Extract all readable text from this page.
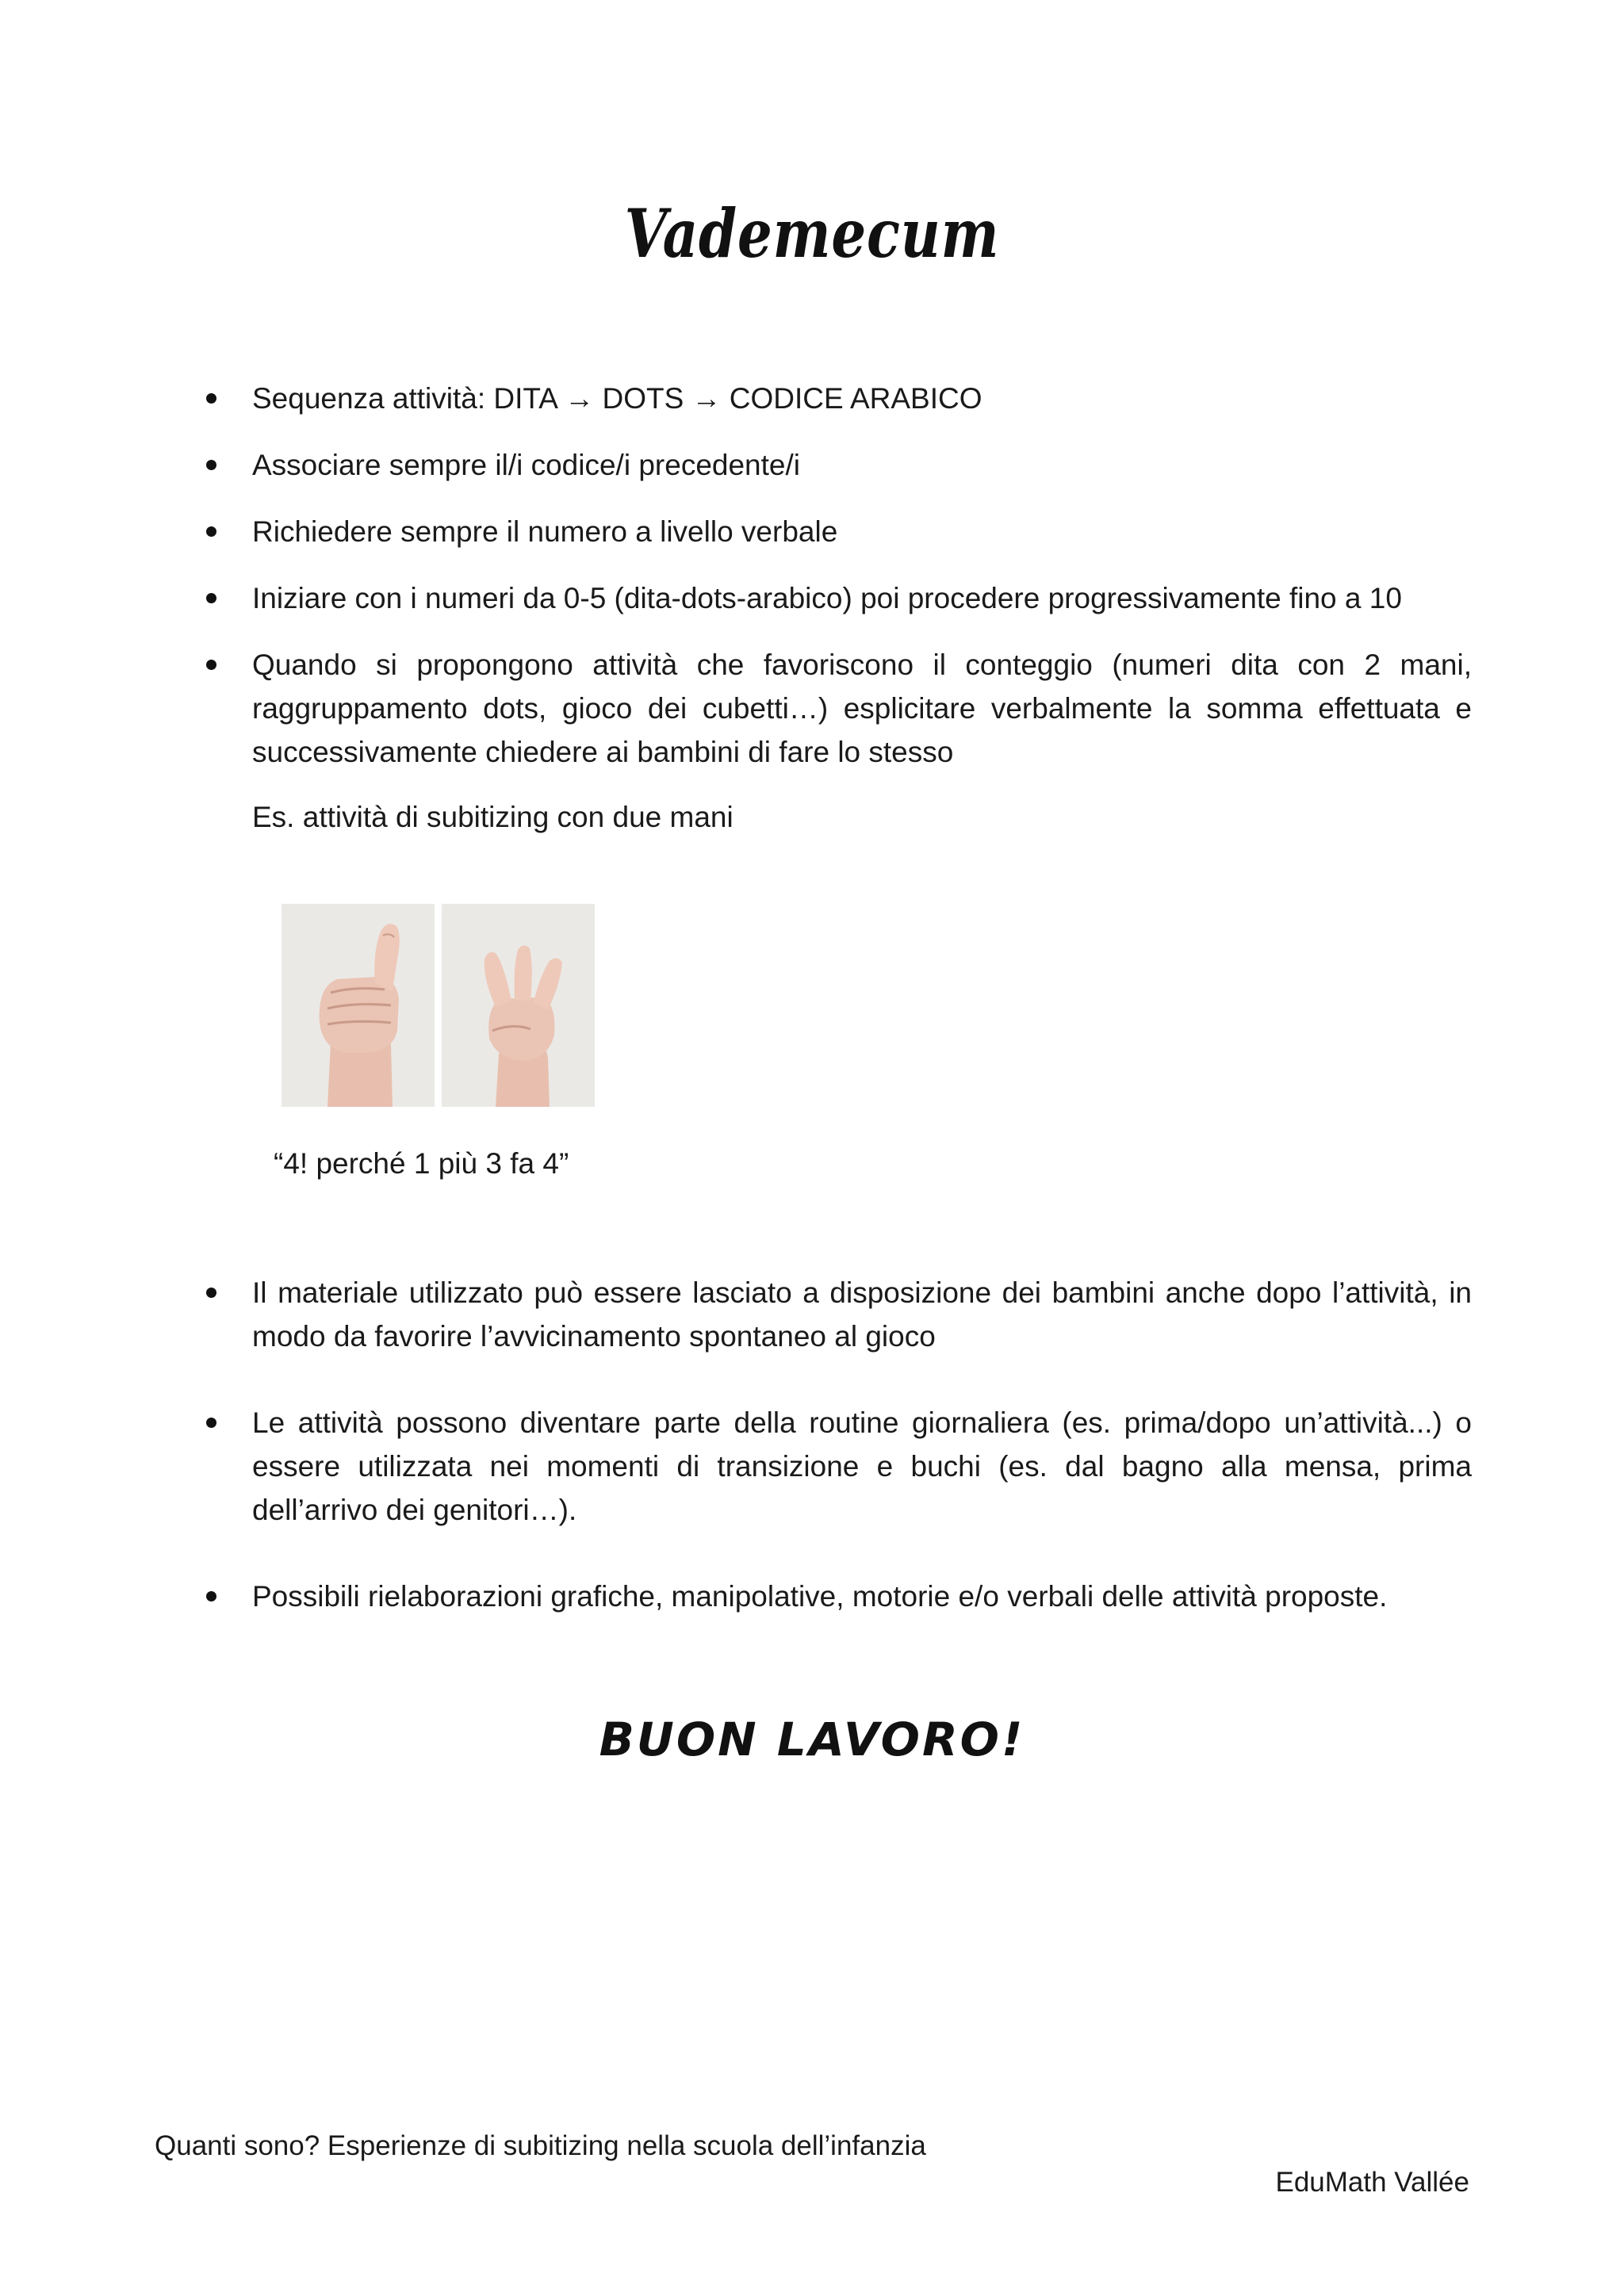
Vademecum
Sequenza attività: DITA → DOTS → CODICE ARABICO
Associare sempre il/i codice/i precedente/i
Richiedere sempre il numero a livello verbale
Iniziare con i numeri da 0-5 (dita-dots-arabico) poi procedere progressivamente fino a 10
Quando si propongono attività che favoriscono il conteggio (numeri dita con 2 mani, raggruppamento dots, gioco dei cubetti…) esplicitare verbalmente la somma effettuata e successivamente chiedere ai bambini di fare lo stesso
Es. attività di subitizing con due mani
“4! perché 1 più 3 fa 4”
Il materiale utilizzato può essere lasciato a disposizione dei bambini anche dopo l’attività, in modo da favorire l’avvicinamento spontaneo al gioco
Le attività possono diventare parte della routine giornaliera (es. prima/dopo un’attività...) o essere utilizzata nei momenti di transizione e buchi (es. dal bagno alla mensa, prima dell’arrivo dei genitori…).
Possibili rielaborazioni grafiche, manipolative, motorie e/o verbali delle attività proposte.
BUON LAVORO!
Quanti sono? Esperienze di subitizing nella scuola dell’infanzia
EduMath Vallée
